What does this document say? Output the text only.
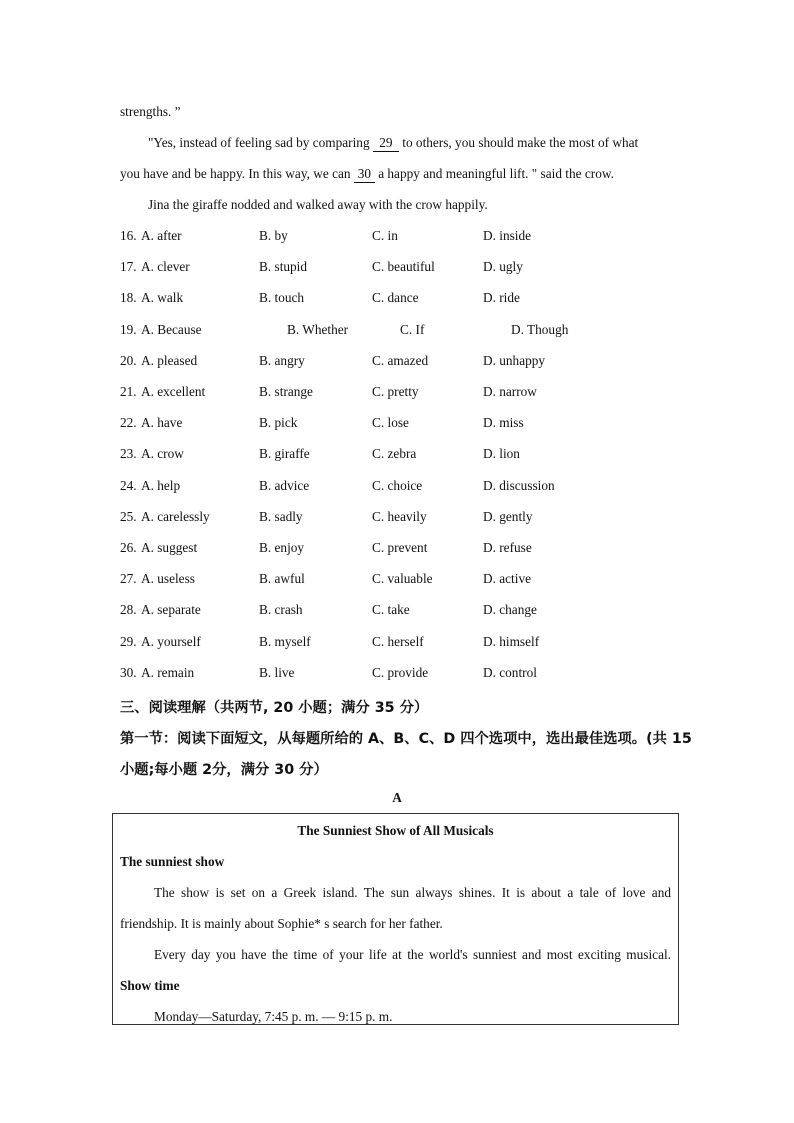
strengths. ”
"Yes, instead of feeling sad by comparing 29 to others, you should make the most of what
you have and be happy. In this way, we can 30 a happy and meaningful lift. " said the crow.
Jina the giraffe nodded and walked away with the crow happily.
16. A. after	B. by	C. in	D. inside
17. A. clever	B. stupid	C. beautiful	D. ugly
18. A. walk	B. touch	C. dance	D. ride
19. A. Because	B. Whether	C. If	D. Though
20. A. pleased	B. angry	C. amazed	D. unhappy
21. A. excellent	B. strange	C. pretty	D. narrow
22. A. have	B. pick	C. lose	D. miss
23. A. crow	B. giraffe	C. zebra	D. lion
24. A. help	B. advice	C. choice	D. discussion
25. A. carelessly	B. sadly	C. heavily	D. gently
26. A. suggest	B. enjoy	C. prevent	D. refuse
27. A. useless	B. awful	C. valuable	D. active
28. A. separate	B. crash	C. take	D. change
29. A. yourself	B. myself	C. herself	D. himself
30. A. remain	B. live	C. provide	D. control
三、阅读理解（共两节, 20 小题；满分 35 分）
第一节：阅读下面短文，从每题所给的 A、B、C、D 四个选项中，选出最佳选项。(共 15
小题;每小题 2分，满分 30 分）
A
The Sunniest Show of All Musicals
The sunniest show
The show is set on a Greek island. The sun always shines. It is about a tale of love and
friendship. It is mainly about Sophie* s search for her father.
Every day you have the time of your life at the world's sunniest and most exciting musical.
Show time
Monday—Saturday, 7:45 p. m. — 9:15 p. m.
